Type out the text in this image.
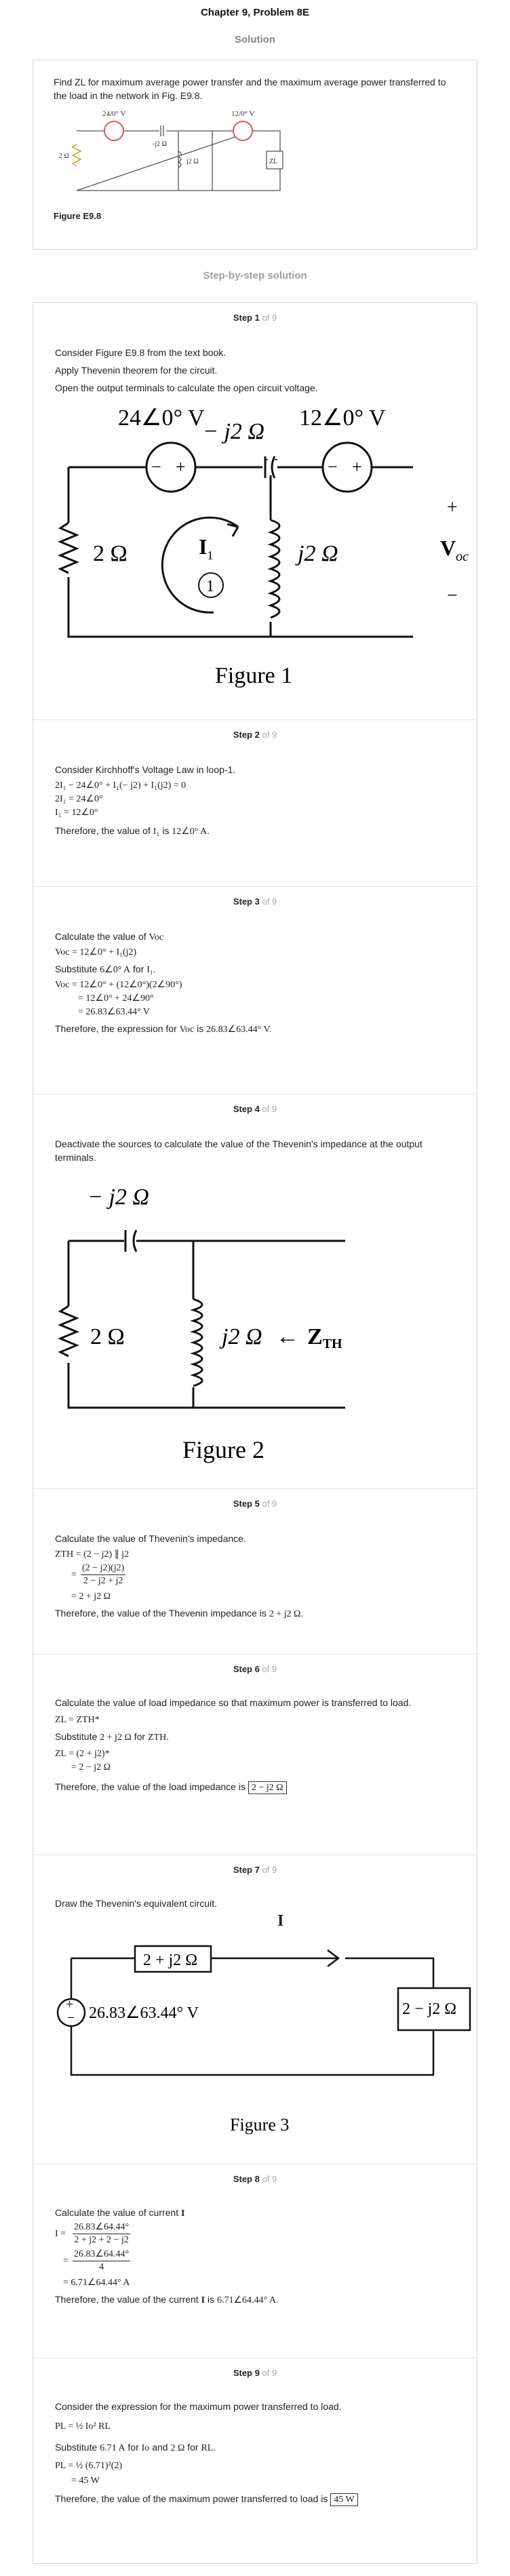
Chapter 9, Problem 8E
Solution
Find ZL for maximum average power transfer and the maximum average power transferred to the load in the network in Fig. E9.8.
24/0° V	12/0° V
-j2 Ω
j2 Ω
2 Ω
ZL
Figure E9.8
Step-by-step solution
Step 1 of 9
Consider Figure E9.8 from the text book.
Apply Thevenin theorem for the circuit.
Open the output terminals to calculate the open circuit voltage.
− +	− +
24∠0° V
− j2 Ω
12∠0° V
2 Ω	j2 Ω
+
−
$V_{oc}$
$I_1$
1
Figure 1
Step 2 of 9
Consider Kirchhoff's Voltage Law in loop-1.
2I₁ − 24∠0° + I₁(− j2) + I₁(j2) = 0
2I₁ = 24∠0°
I₁ = 12∠0°
Therefore, the value of I₁ is 12∠0° A.
Step 3 of 9
Calculate the value of Voc
Voc = 12∠0° + I₁(j2)
Substitute 6∠0° A for I₁.
Voc = 12∠0° + (12∠0°)(2∠90°)
= 12∠0° + 24∠90°
= 26.83∠63.44° V
Therefore, the expression for Voc is 26.83∠63.44° V.
Step 4 of 9
Deactivate the sources to calculate the value of the Thevenin's impedance at the output
terminals.
− j2 Ω
2 Ω	j2 Ω ← ZTH
Figure 2
Step 5 of 9
Calculate the value of Thevenin's impedance.
ZTH = (2 − j2) ∥ j2
=
(2 − j2)(j2)
2 − j2 + j2
= 2 + j2 Ω
Therefore, the value of the Thevenin impedance is 2 + j2 Ω.
Step 6 of 9
Calculate the value of load impedance so that maximum power is transferred to load.
ZL = ZTH*
Substitute 2 + j2 Ω for ZTH.
ZL = (2 + j2)*
= 2 − j2 Ω
Therefore, the value of the load impedance is 2 − j2 Ω
Step 7 of 9
Draw the Thevenin's equivalent circuit.
I
+
−
2 + j2 Ω
26.83∠63.44° V	2 − j2 Ω
Figure 3
Step 8 of 9
Calculate the value of current I
I =
26.83∠64.44°
2 + j2 + 2 − j2
=
26.83∠64.44°
4
= 6.71∠64.44° A
Therefore, the value of the current I is 6.71∠64.44° A.
Step 9 of 9
Consider the expression for the maximum power transferred to load.
PL = ½ Io² RL
Substitute 6.71 A for Io and 2 Ω for RL.
PL = ½ (6.71)²(2)
= 45 W
Therefore, the value of the maximum power transferred to load is 45 W
